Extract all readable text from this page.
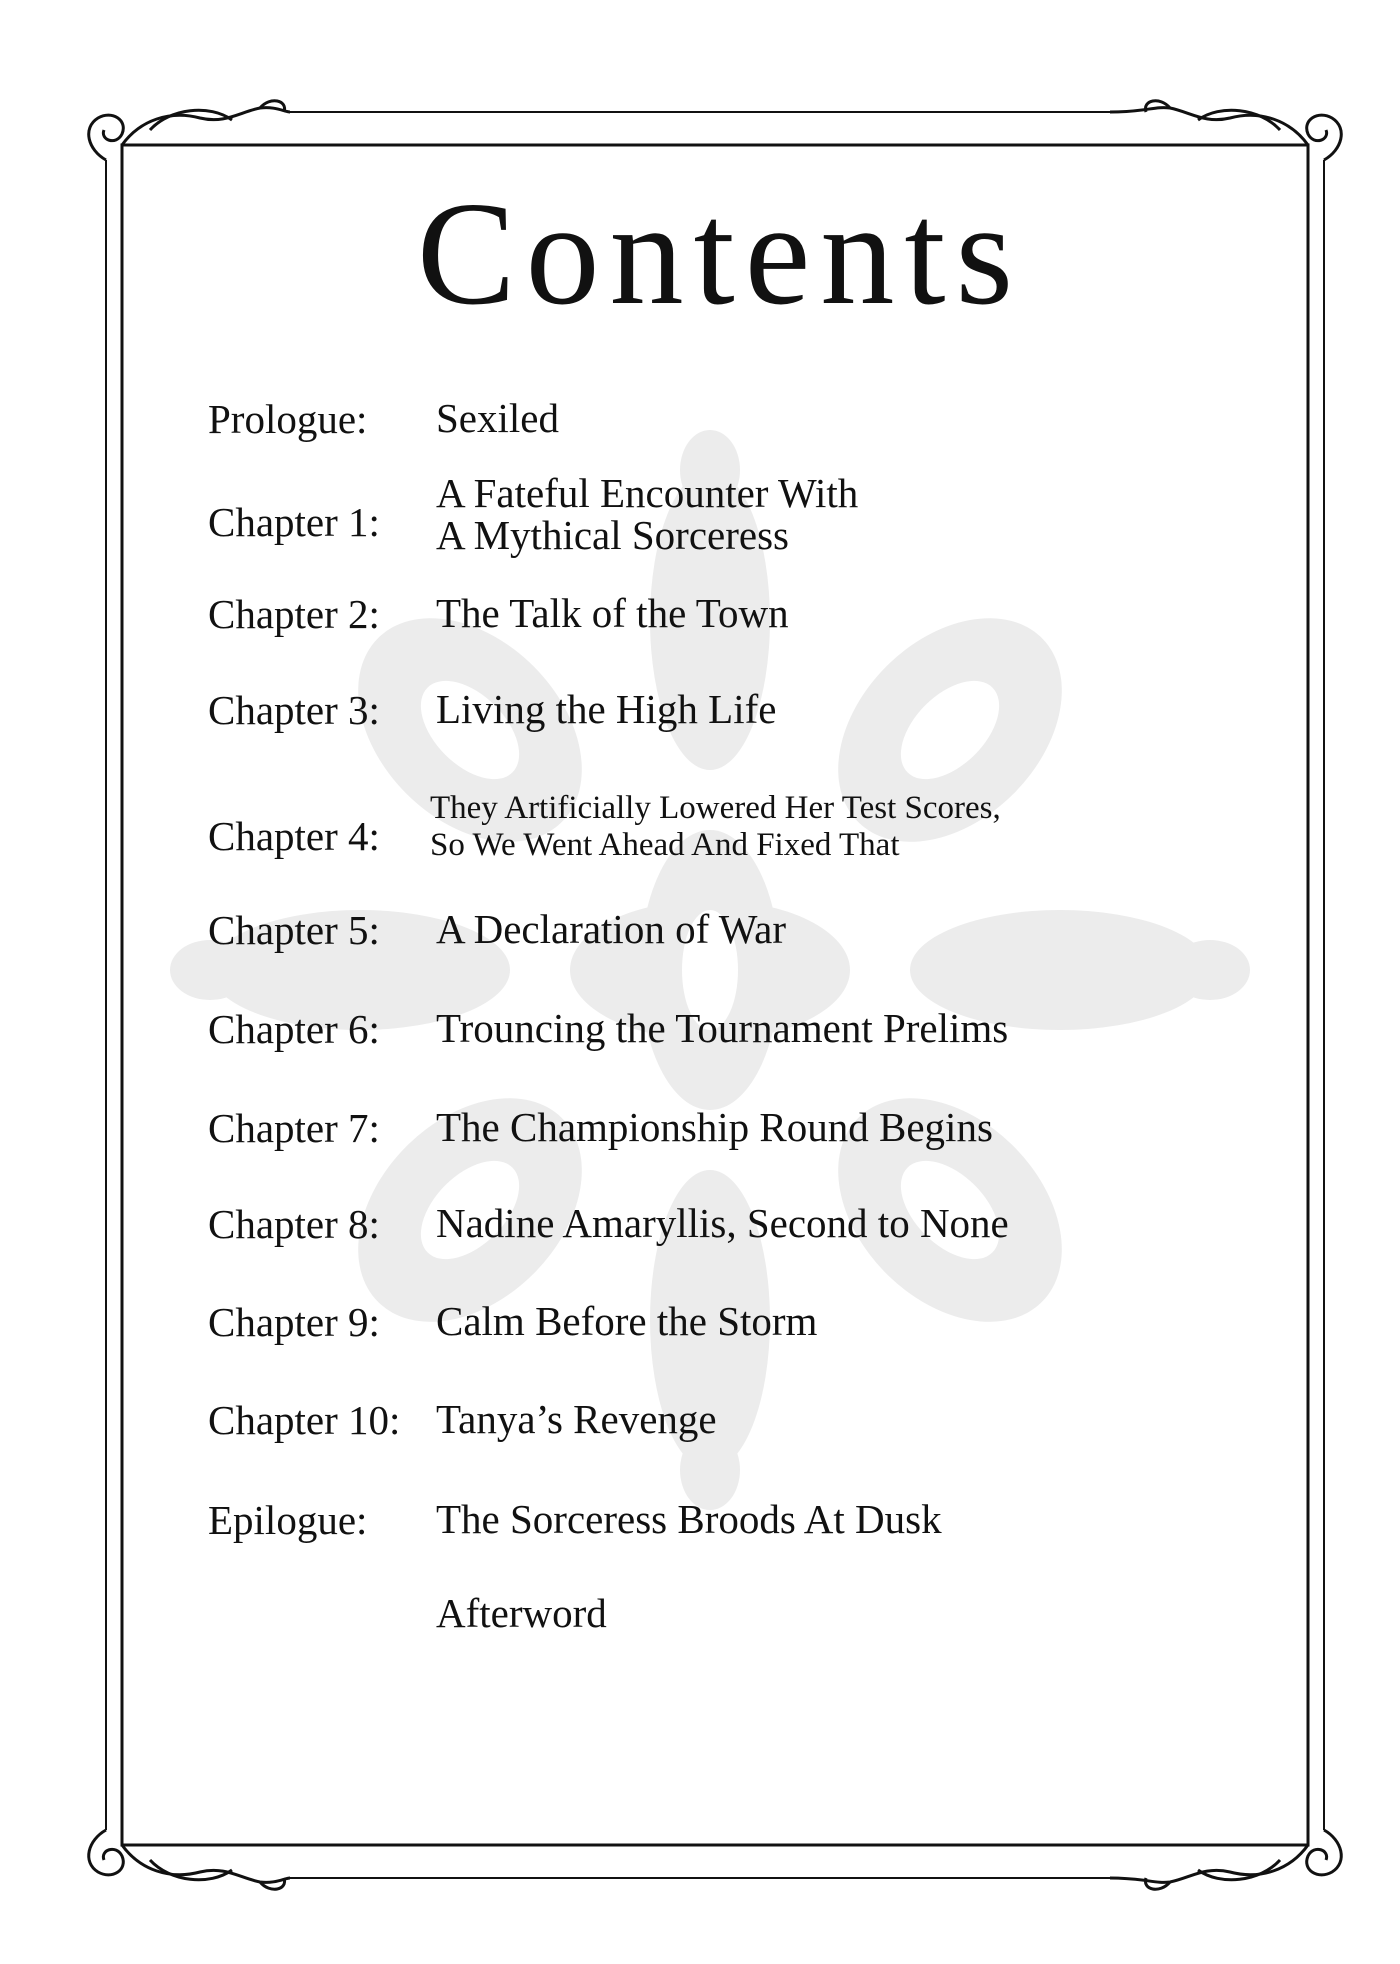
Contents
Prologue: Sexiled
Chapter 1:
A Fateful Encounter With
A Mythical Sorceress
Chapter 2: The Talk of the Town
Chapter 3: Living the High Life
Chapter 4:
They Artificially Lowered Her Test Scores,
So We Went Ahead And Fixed That
Chapter 5: A Declaration of War
Chapter 6: Trouncing the Tournament Prelims
Chapter 7: The Championship Round Begins
Chapter 8: Nadine Amaryllis, Second to None
Chapter 9: Calm Before the Storm
Chapter 10: Tanya’s Revenge
Epilogue: The Sorceress Broods At Dusk
Afterword
